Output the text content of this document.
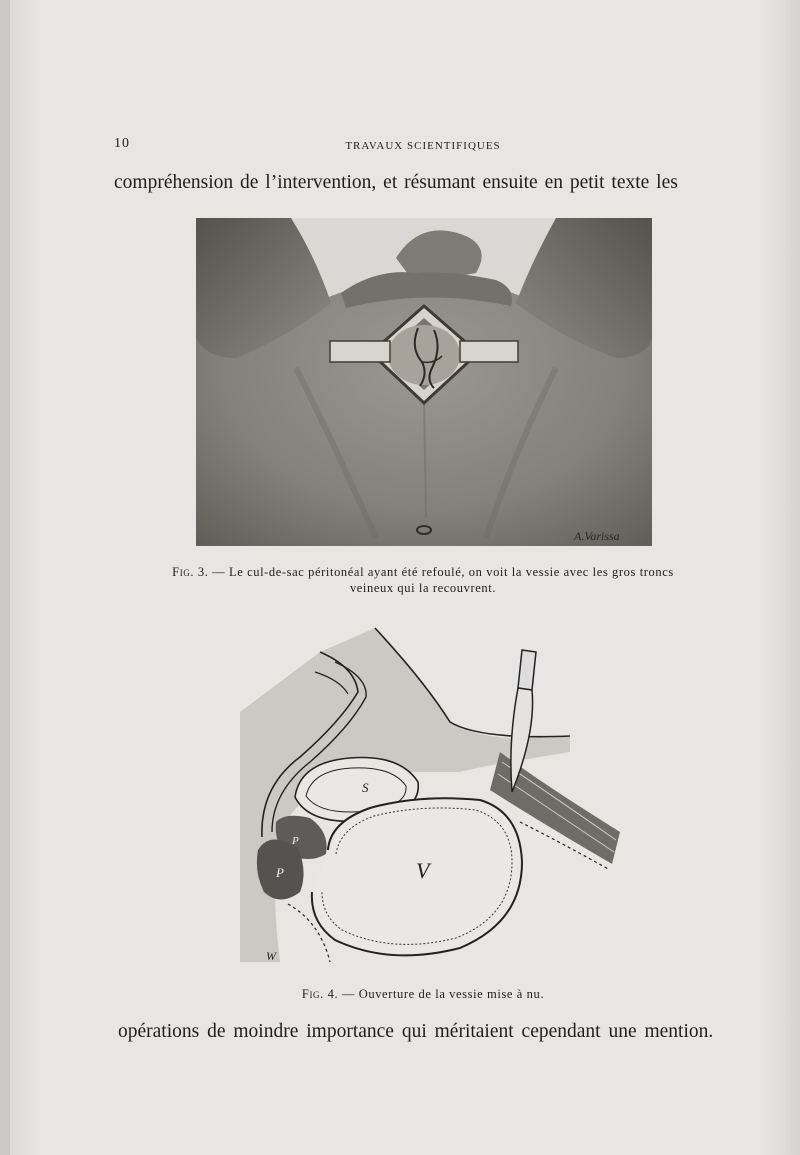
10	TRAVAUX SCIENTIFIQUES
compréhension de l’intervention, et résumant ensuite en petit texte les
A.Varissa
Fig. 3. — Le cul-de-sac péritonéal ayant été refoulé, on voit la vessie avec les gros troncs veineux qui la recouvrent.
S
V
P
P
W
Fig. 4. — Ouverture de la vessie mise à nu.
opérations de moindre importance qui méritaient cependant une mention.
